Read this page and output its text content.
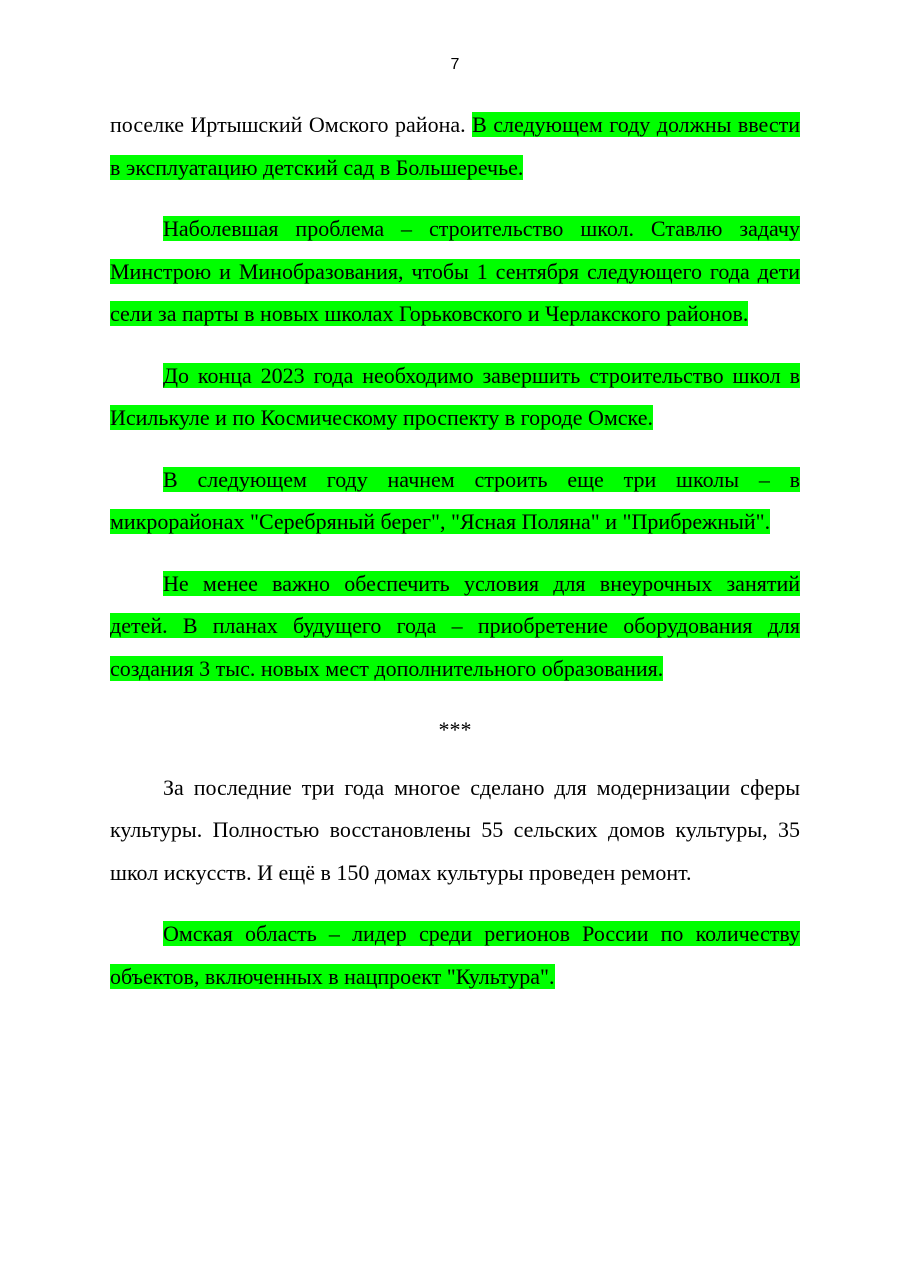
7

поселке Иртышский Омского района. В следующем году должны ввести в эксплуатацию детский сад в Большеречье.

Наболевшая проблема – строительство школ. Ставлю задачу Минстрою и Минобразования, чтобы 1 сентября следующего года дети сели за парты в новых школах Горьковского и Черлакского районов.

До конца 2023 года необходимо завершить строительство школ в Исилькуле и по Космическому проспекту в городе Омске.

В следующем году начнем строить еще три школы – в микрорайонах "Серебряный берег", "Ясная Поляна" и "Прибрежный".

Не менее важно обеспечить условия для внеурочных занятий детей. В планах будущего года – приобретение оборудования для создания 3 тыс. новых мест дополнительного образования.

***

За последние три года многое сделано для модернизации сферы культуры. Полностью восстановлены 55 сельских домов культуры, 35 школ искусств. И ещё в 150 домах культуры проведен ремонт.

Омская область – лидер среди регионов России по количеству объектов, включенных в нацпроект "Культура".
